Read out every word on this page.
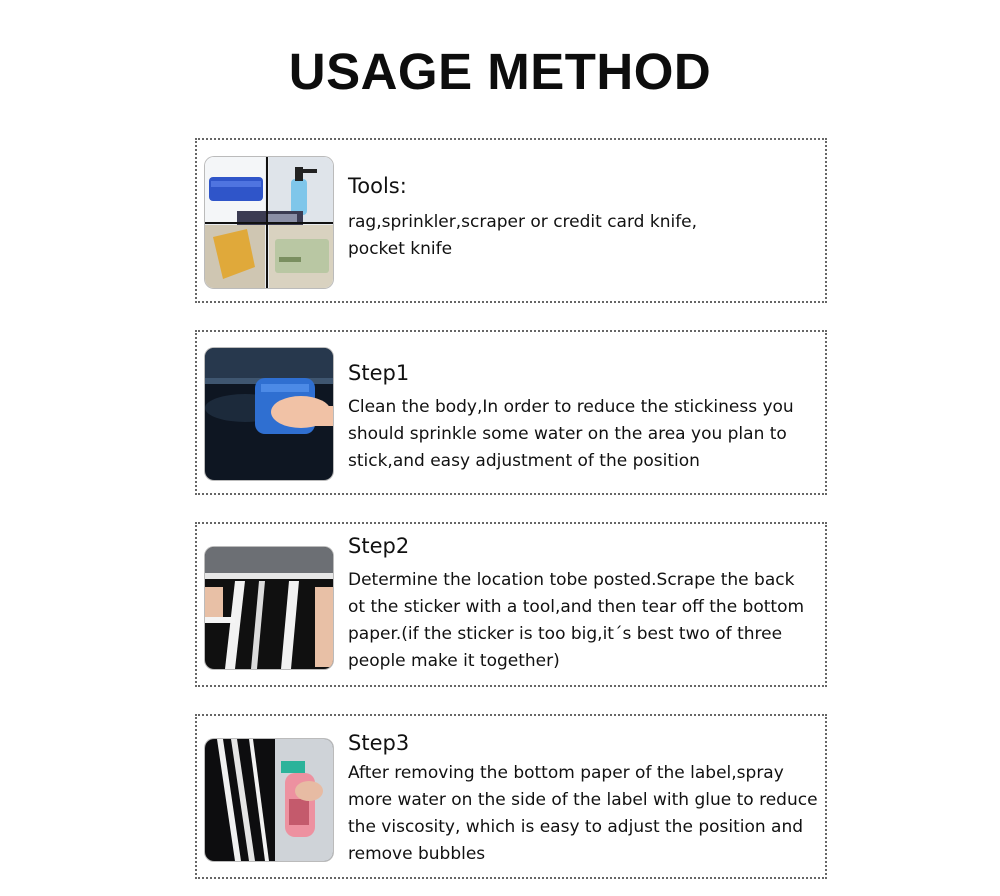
USAGE METHOD
Tools:
rag,sprinkler,scraper or credit card knife,
pocket knife
Step1
Clean the body,In order to reduce the stickiness you
should sprinkle some water on the area you plan to
stick,and easy adjustment of the position
Step2
Determine the location tobe posted.Scrape the back
ot the sticker with a tool,and then tear off the bottom
paper.(if the sticker is too big,it´s best two of three
people make it together)
Step3
After removing the bottom paper of the label,spray
more water on the side of the label with glue to reduce
the viscosity, which is easy to adjust the position and
remove bubbles
